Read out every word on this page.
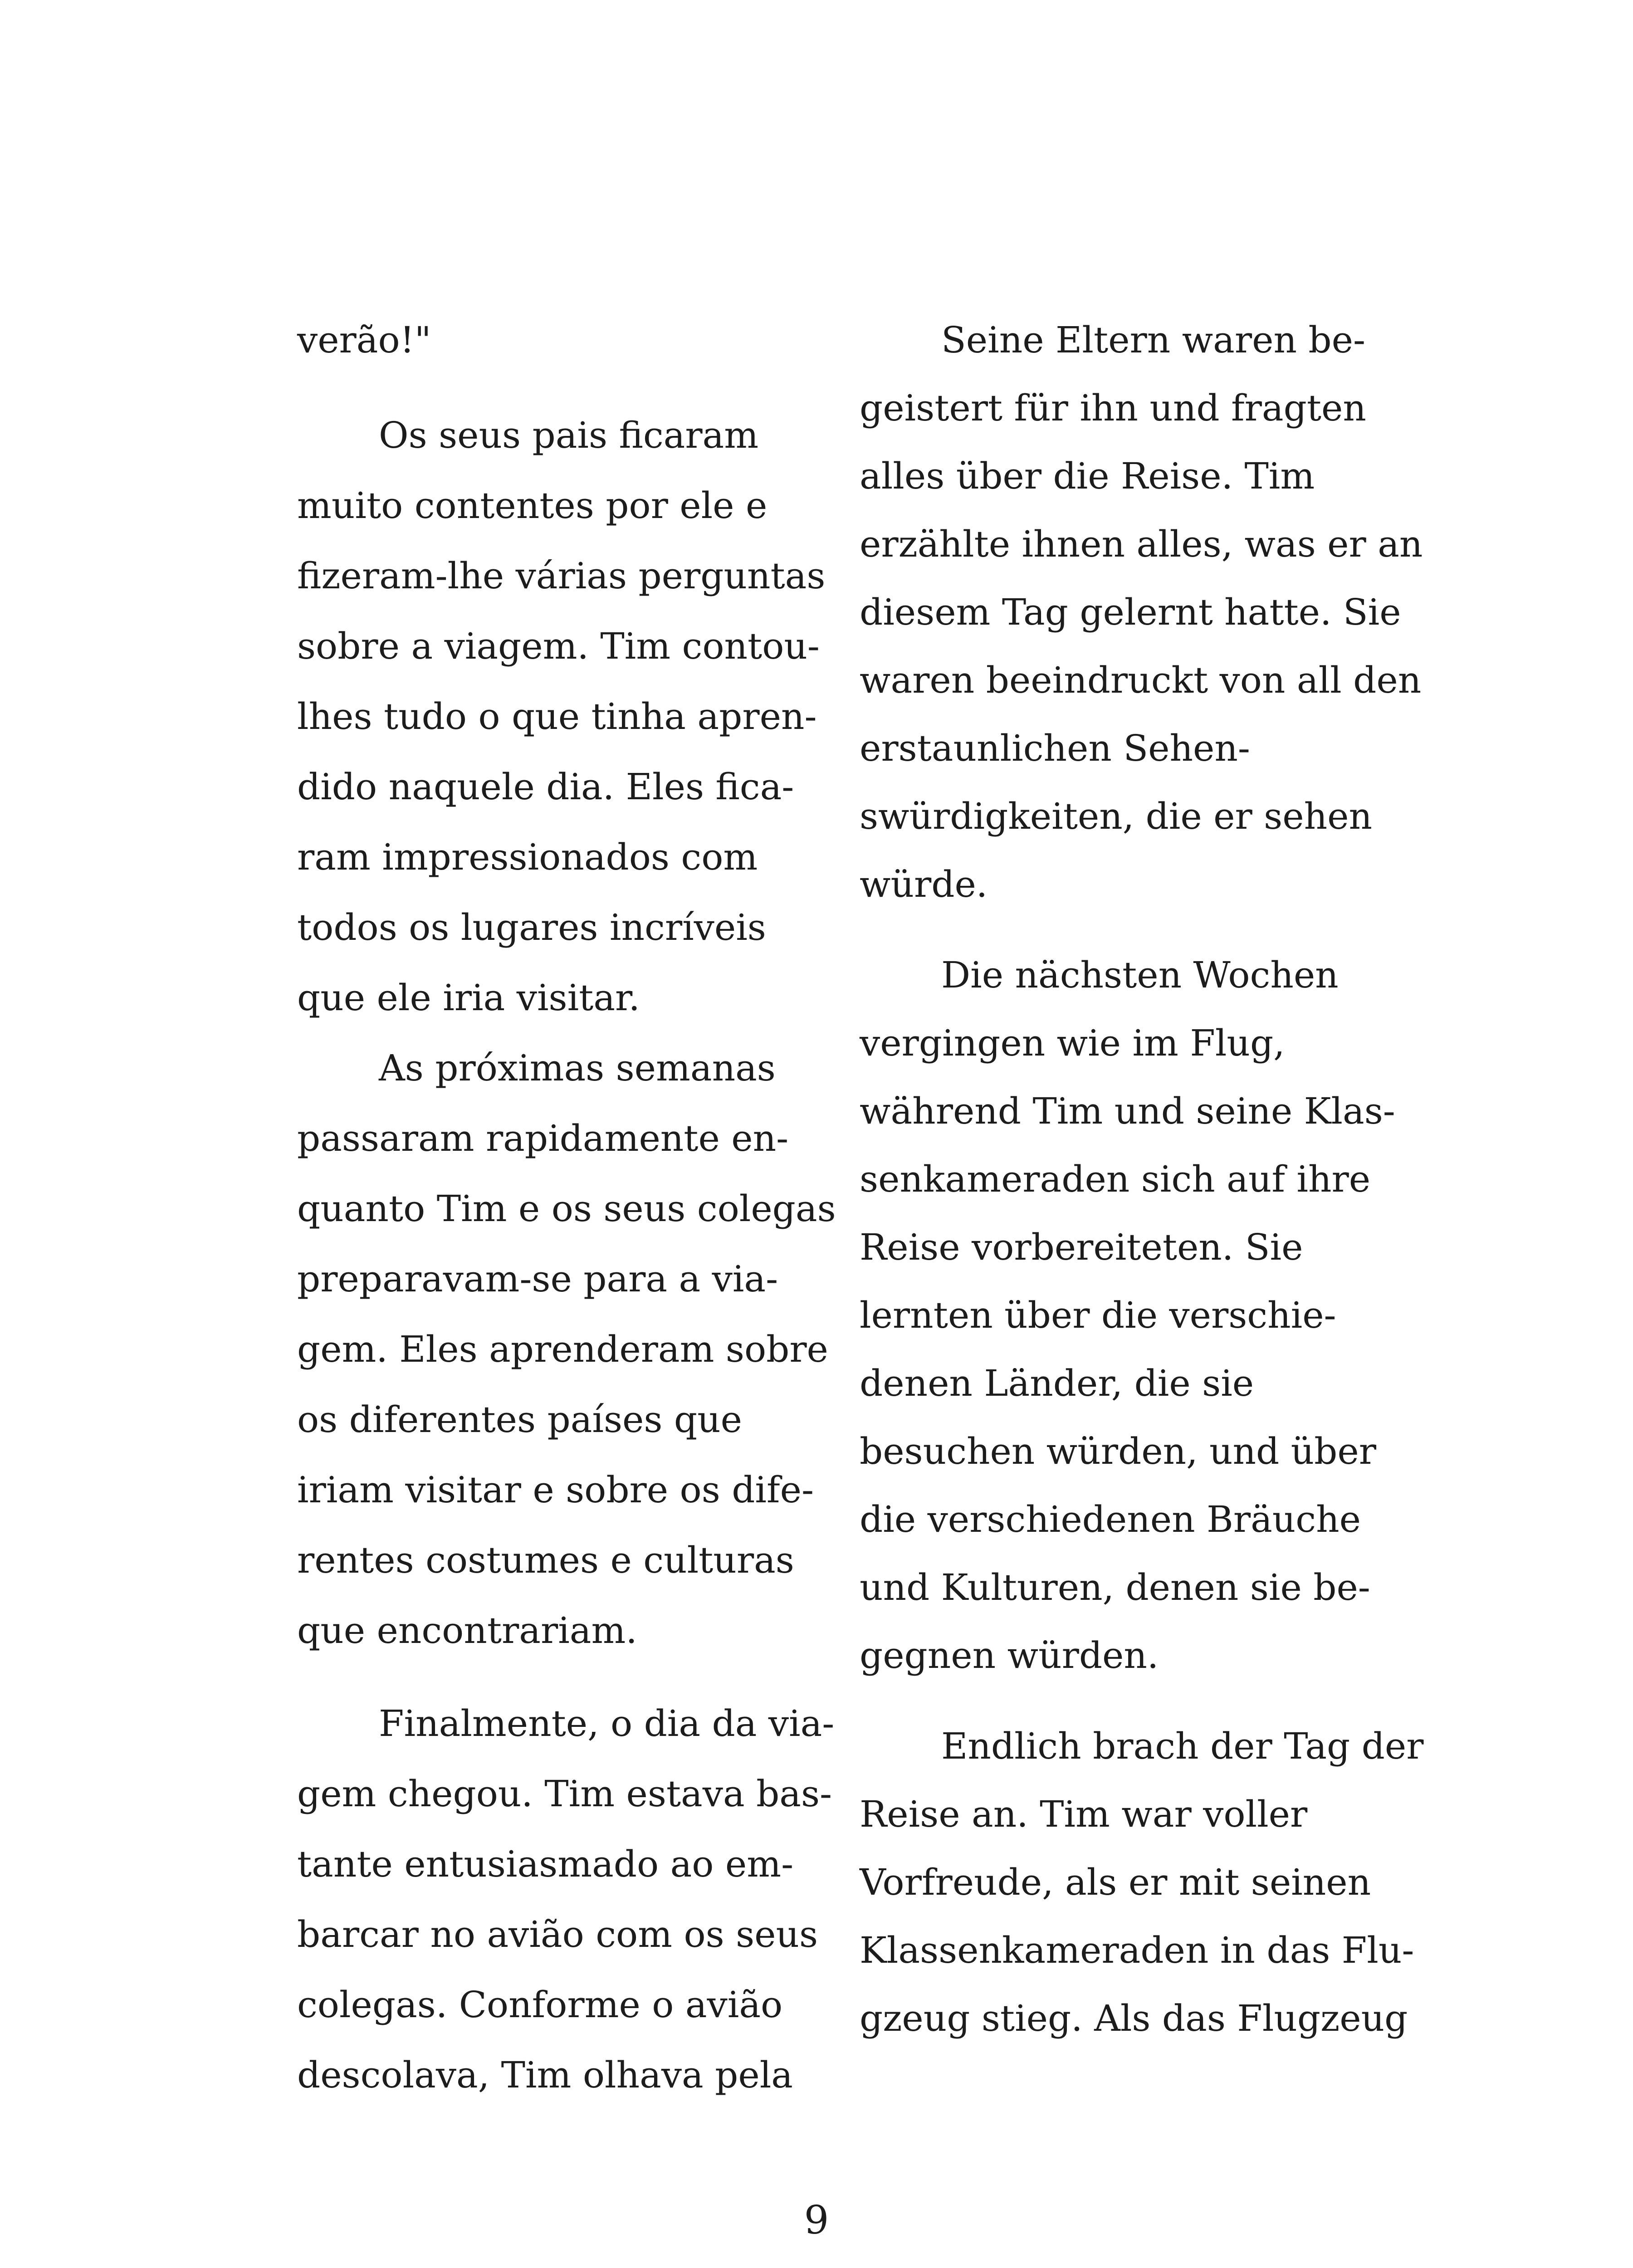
verão!"
Os seus pais ficaram
muito contentes por ele e
fizeram-lhe várias perguntas
sobre a viagem. Tim contou-
lhes tudo o que tinha apren-
dido naquele dia. Eles fica-
ram impressionados com
todos os lugares incríveis
que ele iria visitar.
As próximas semanas
passaram rapidamente en-
quanto Tim e os seus colegas
preparavam-se para a via-
gem. Eles aprenderam sobre
os diferentes países que
iriam visitar e sobre os dife-
rentes costumes e culturas
que encontrariam.
Finalmente, o dia da via-
gem chegou. Tim estava bas-
tante entusiasmado ao em-
barcar no avião com os seus
colegas. Conforme o avião
descolava, Tim olhava pela
Seine Eltern waren be-
geistert für ihn und fragten
alles über die Reise. Tim
erzählte ihnen alles, was er an
diesem Tag gelernt hatte. Sie
waren beeindruckt von all den
erstaunlichen Sehen-
swürdigkeiten, die er sehen
würde.
Die nächsten Wochen
vergingen wie im Flug,
während Tim und seine Klas-
senkameraden sich auf ihre
Reise vorbereiteten. Sie
lernten über die verschie-
denen Länder, die sie
besuchen würden, und über
die verschiedenen Bräuche
und Kulturen, denen sie be-
gegnen würden.
Endlich brach der Tag der
Reise an. Tim war voller
Vorfreude, als er mit seinen
Klassenkameraden in das Flu-
gzeug stieg. Als das Flugzeug
9
